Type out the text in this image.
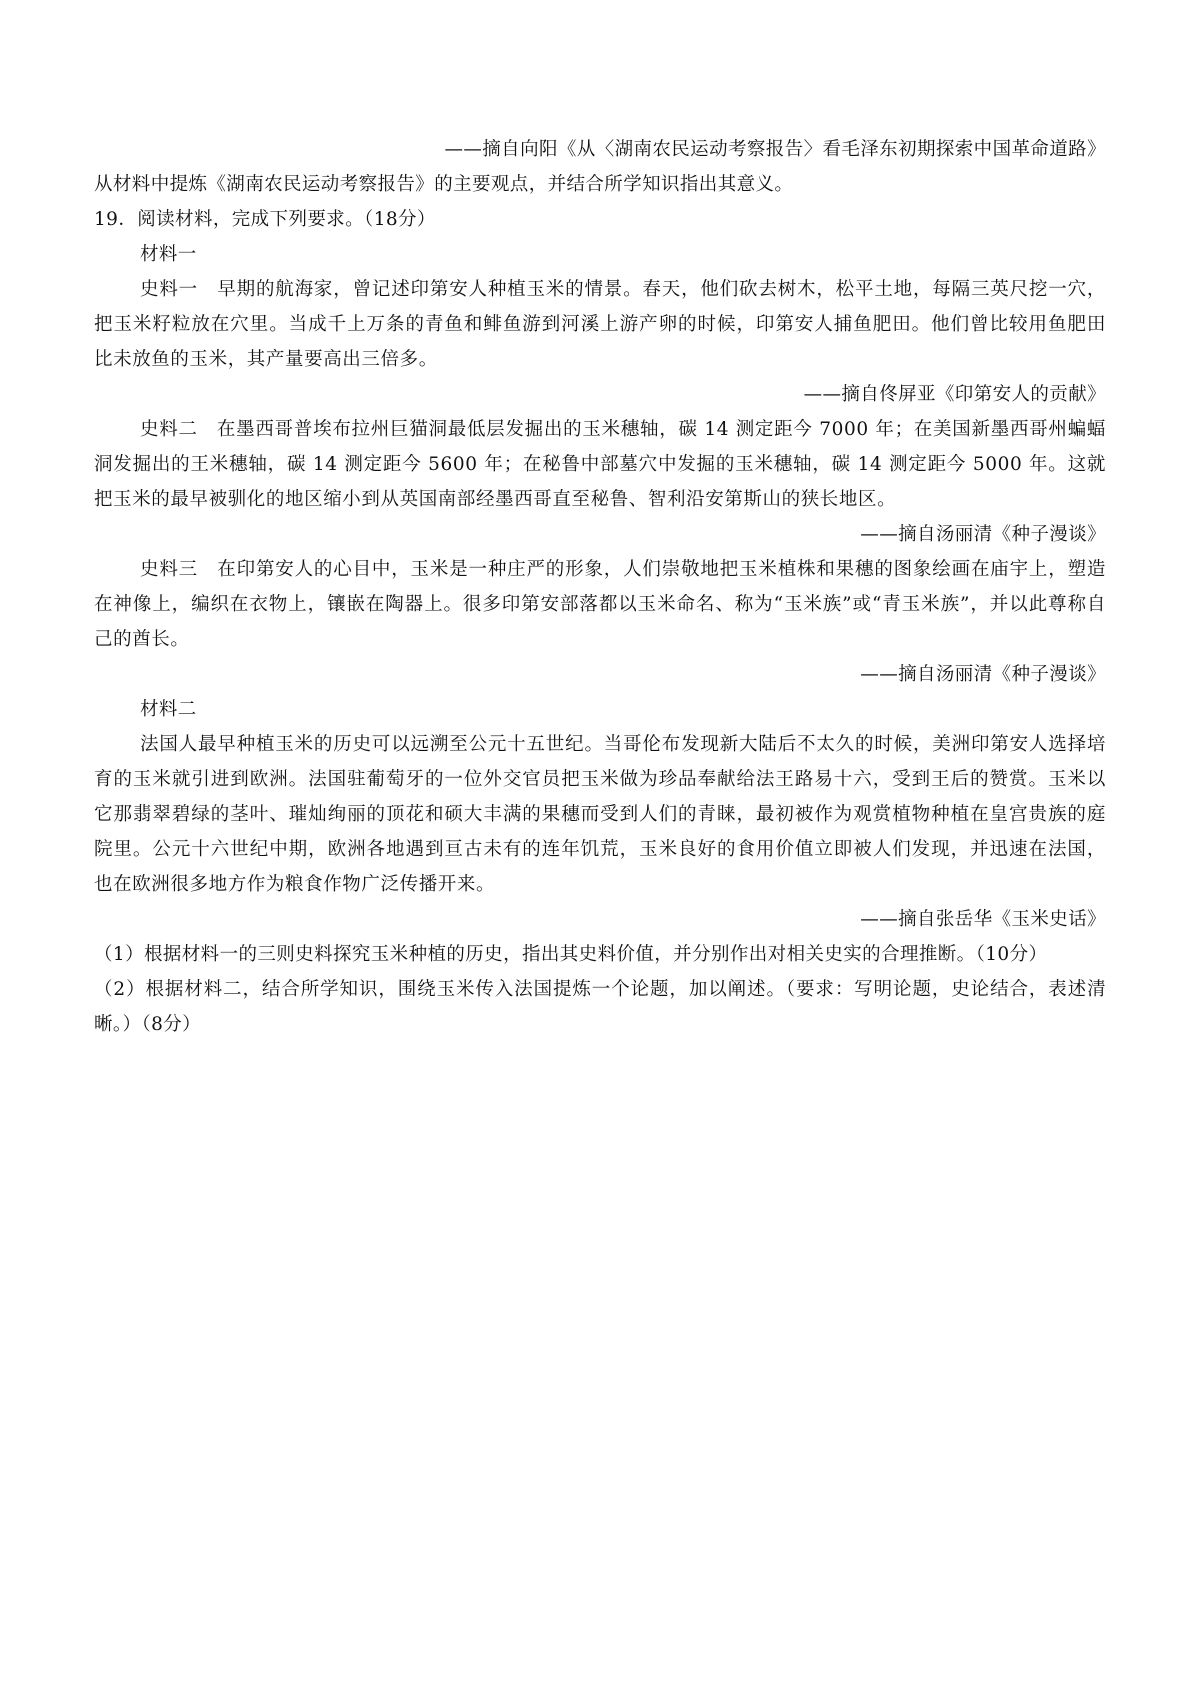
——摘自向阳《从〈湖南农民运动考察报告〉看毛泽东初期探索中国革命道路》
从材料中提炼《湖南农民运动考察报告》的主要观点，并结合所学知识指出其意义。
19．阅读材料，完成下列要求。（18分）
材料一
史料一　早期的航海家，曾记述印第安人种植玉米的情景。春天，他们砍去树木，松平土地，每隔三英尺挖一穴，把玉米籽粒放在穴里。当成千上万条的青鱼和鲱鱼游到河溪上游产卵的时候，印第安人捕鱼肥田。他们曾比较用鱼肥田比未放鱼的玉米，其产量要高出三倍多。
——摘自佟屏亚《印第安人的贡献》
史料二　在墨西哥普埃布拉州巨猫洞最低层发掘出的玉米穗轴，碳 14 测定距今 7000 年；在美国新墨西哥州蝙蝠洞发掘出的王米穗轴，碳 14 测定距今 5600 年；在秘鲁中部墓穴中发掘的玉米穗轴，碳 14 测定距今 5000 年。这就把玉米的最早被驯化的地区缩小到从英国南部经墨西哥直至秘鲁、智利沿安第斯山的狭长地区。
——摘自汤丽清《种子漫谈》
史料三　在印第安人的心目中，玉米是一种庄严的形象，人们崇敬地把玉米植株和果穗的图象绘画在庙宇上，塑造在神像上，编织在衣物上，镶嵌在陶器上。很多印第安部落都以玉米命名、称为“玉米族”或“青玉米族”，并以此尊称自己的酋长。
——摘自汤丽清《种子漫谈》
材料二
法国人最早种植玉米的历史可以远溯至公元十五世纪。当哥伦布发现新大陆后不太久的时候，美洲印第安人选择培育的玉米就引进到欧洲。法国驻葡萄牙的一位外交官员把玉米做为珍品奉献给法王路易十六，受到王后的赞赏。玉米以它那翡翠碧绿的茎叶、璀灿绚丽的顶花和硕大丰满的果穗而受到人们的青睐，最初被作为观赏植物种植在皇宫贵族的庭院里。公元十六世纪中期，欧洲各地遇到亘古未有的连年饥荒，玉米良好的食用价值立即被人们发现，并迅速在法国，也在欧洲很多地方作为粮食作物广泛传播开来。
——摘自张岳华《玉米史话》
（1）根据材料一的三则史料探究玉米种植的历史，指出其史料价值，并分别作出对相关史实的合理推断。（10分）
（2）根据材料二，结合所学知识，围绕玉米传入法国提炼一个论题，加以阐述。（要求：写明论题，史论结合，表述清晰。）（8分）
